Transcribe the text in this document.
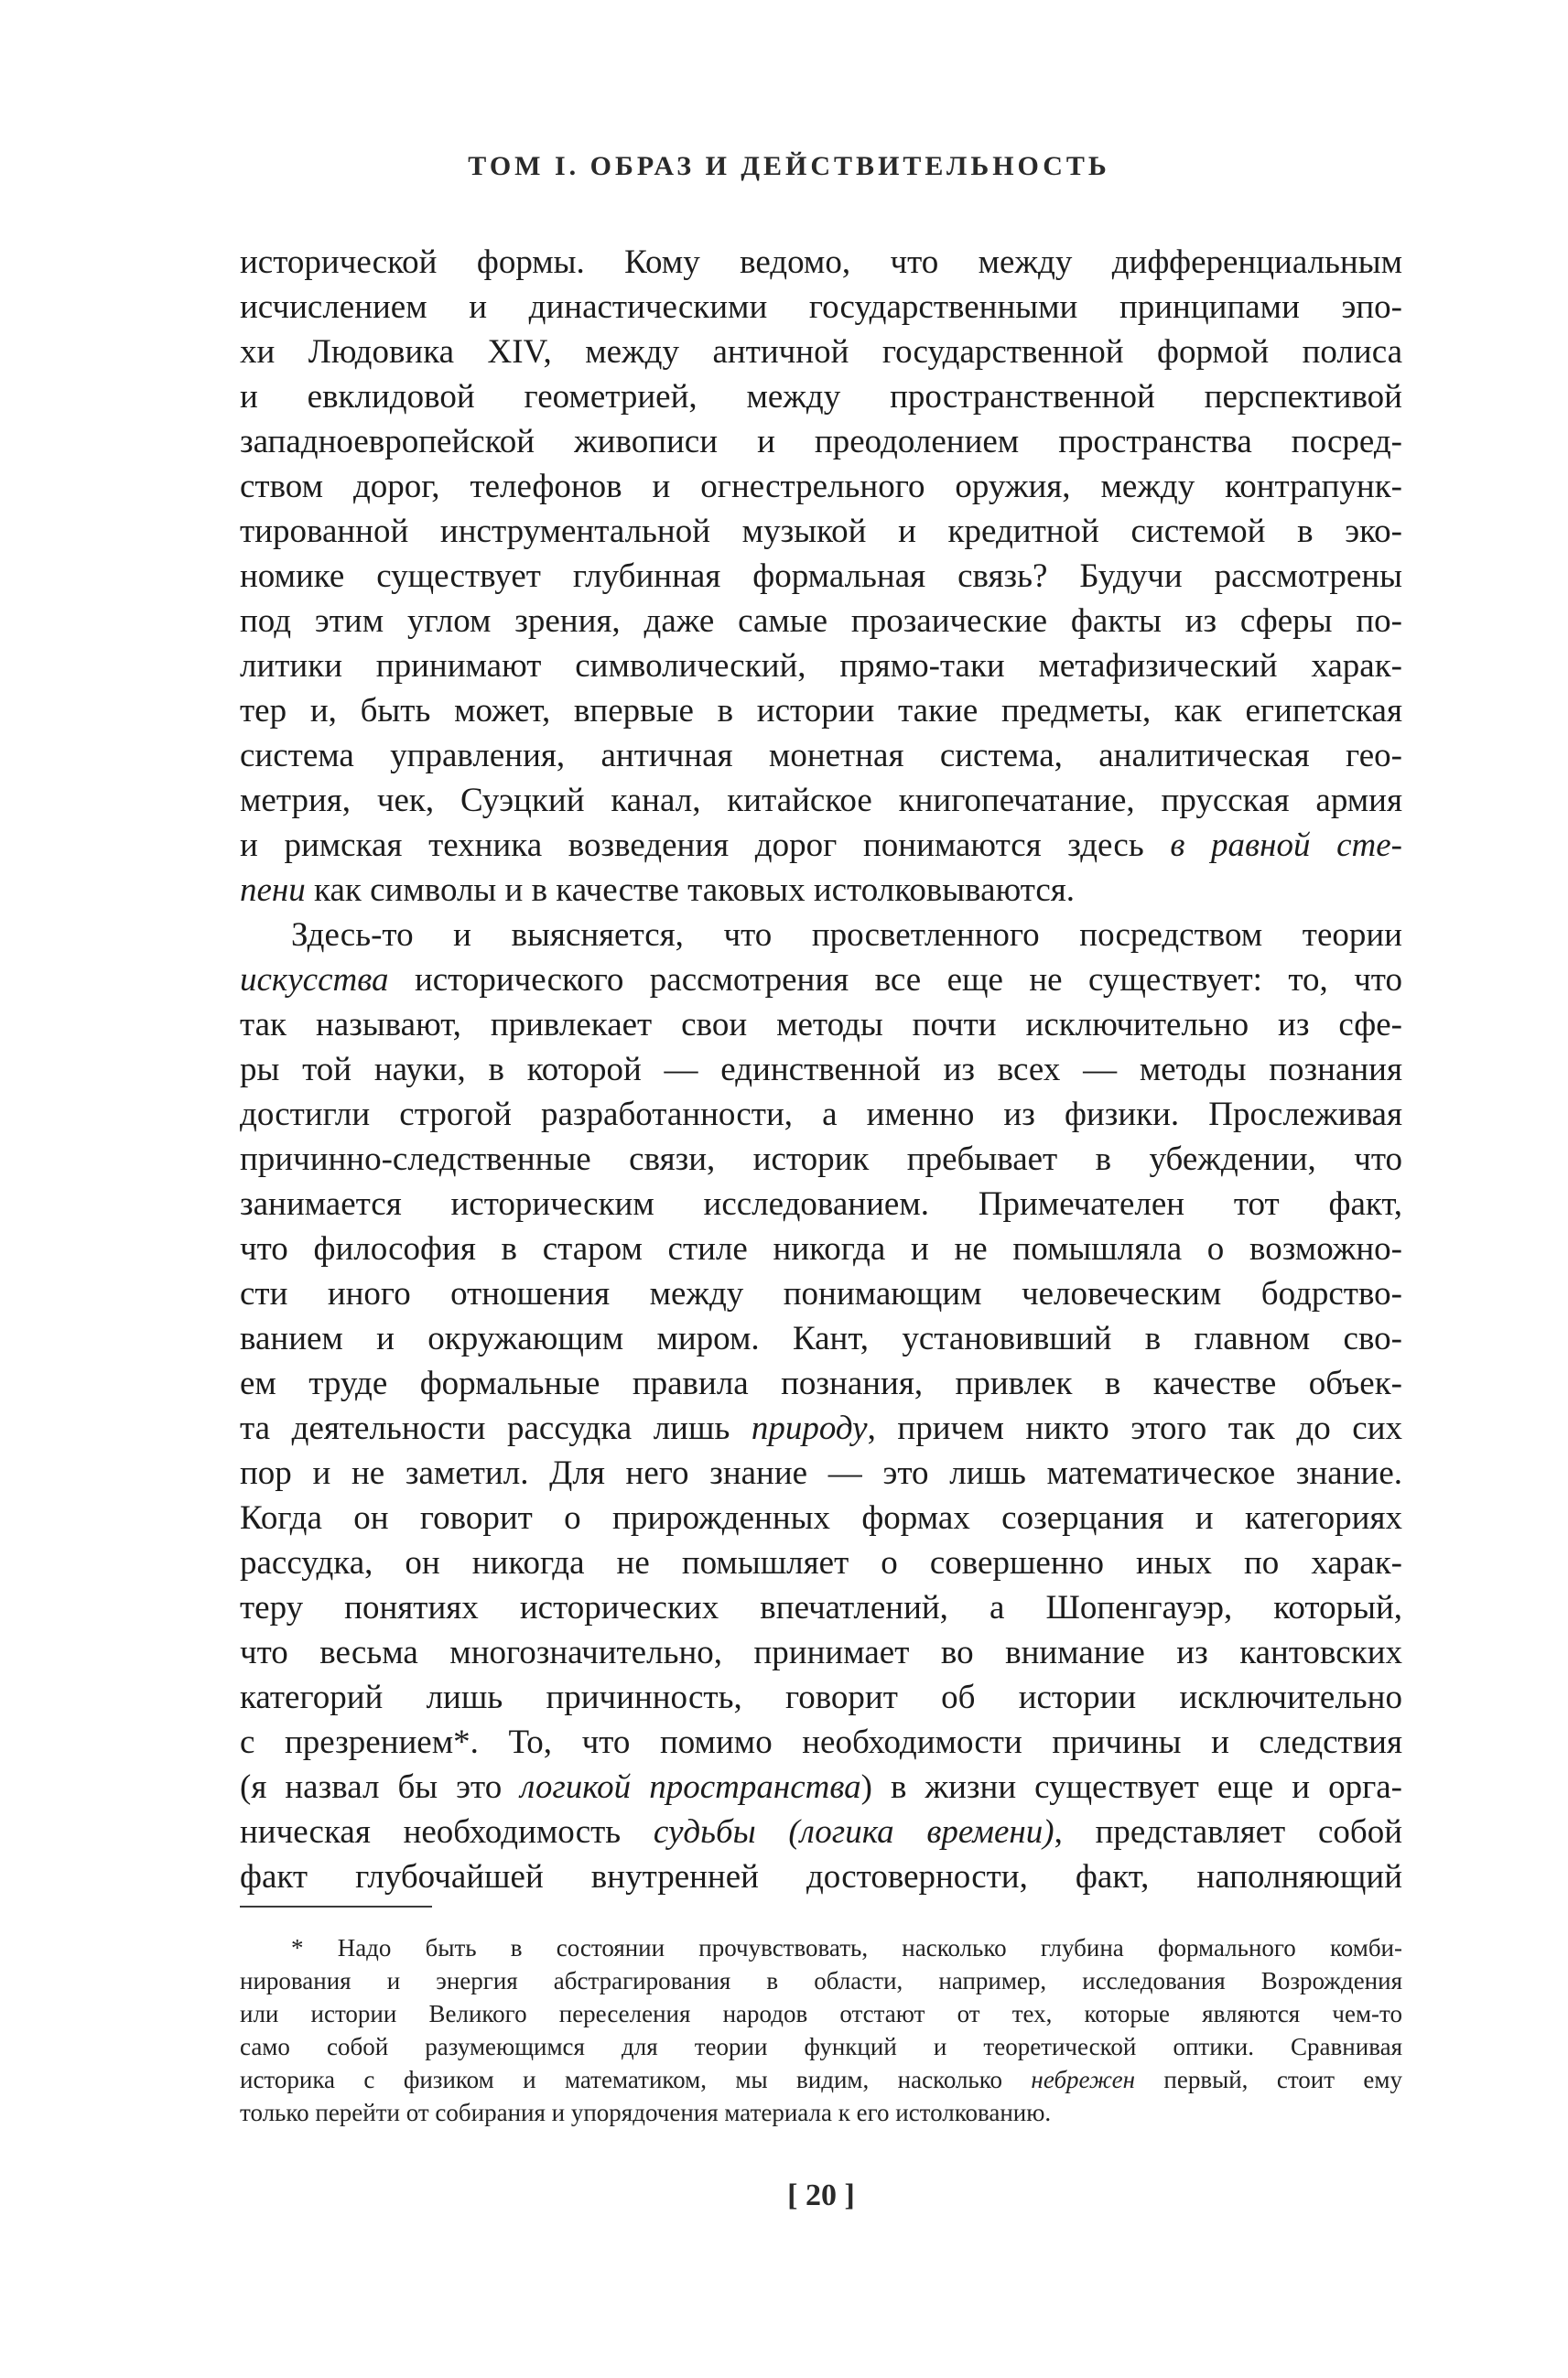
ТОМ I. ОБРАЗ И ДЕЙСТВИТЕЛЬНОСТЬ

исторической формы. Кому ведомо, что между дифференциальным
исчислением и династическими государственными принципами эпо-
хи Людовика XIV, между античной государственной формой полиса
и евклидовой геометрией, между пространственной перспективой
западноевропейской живописи и преодолением пространства посред-
ством дорог, телефонов и огнестрельного оружия, между контрапунк-
тированной инструментальной музыкой и кредитной системой в эко-
номике существует глубинная формальная связь? Будучи рассмотрены
под этим углом зрения, даже самые прозаические факты из сферы по-
литики принимают символический, прямо-таки метафизический харак-
тер и, быть может, впервые в истории такие предметы, как египетская
система управления, античная монетная система, аналитическая гео-
метрия, чек, Суэцкий канал, китайское книгопечатание, прусская армия
и римская техника возведения дорог понимаются здесь в равной сте-
пени как символы и в качестве таковых истолковываются.

Здесь-то и выясняется, что просветленного посредством теории
искусства исторического рассмотрения все еще не существует: то, что
так называют, привлекает свои методы почти исключительно из сфе-
ры той науки, в которой — единственной из всех — методы познания
достигли строгой разработанности, а именно из физики. Прослеживая
причинно-следственные связи, историк пребывает в убеждении, что
занимается историческим исследованием. Примечателен тот факт,
что философия в старом стиле никогда и не помышляла о возможно-
сти иного отношения между понимающим человеческим бодрство-
ванием и окружающим миром. Кант, установивший в главном сво-
ем труде формальные правила познания, привлек в качестве объек-
та деятельности рассудка лишь природу, причем никто этого так до сих
пор и не заметил. Для него знание — это лишь математическое знание.
Когда он говорит о прирожденных формах созерцания и категориях
рассудка, он никогда не помышляет о совершенно иных по харак-
теру понятиях исторических впечатлений, а Шопенгауэр, который,
что весьма многозначительно, принимает во внимание из кантовских
категорий лишь причинность, говорит об истории исключительно
с презрением*. То, что помимо необходимости причины и следствия
(я назвал бы это логикой пространства) в жизни существует еще и орга-
ническая необходимость судьбы (логика времени), представляет собой
факт глубочайшей внутренней достоверности, факт, наполняющий

* Надо быть в состоянии прочувствовать, насколько глубина формального комби-
нирования и энергия абстрагирования в области, например, исследования Возрождения
или истории Великого переселения народов отстают от тех, которые являются чем-то
само собой разумеющимся для теории функций и теоретической оптики. Сравнивая
историка с физиком и математиком, мы видим, насколько небрежен первый, стоит ему
только перейти от собирания и упорядочения материала к его истолкованию.
[ 20 ]
